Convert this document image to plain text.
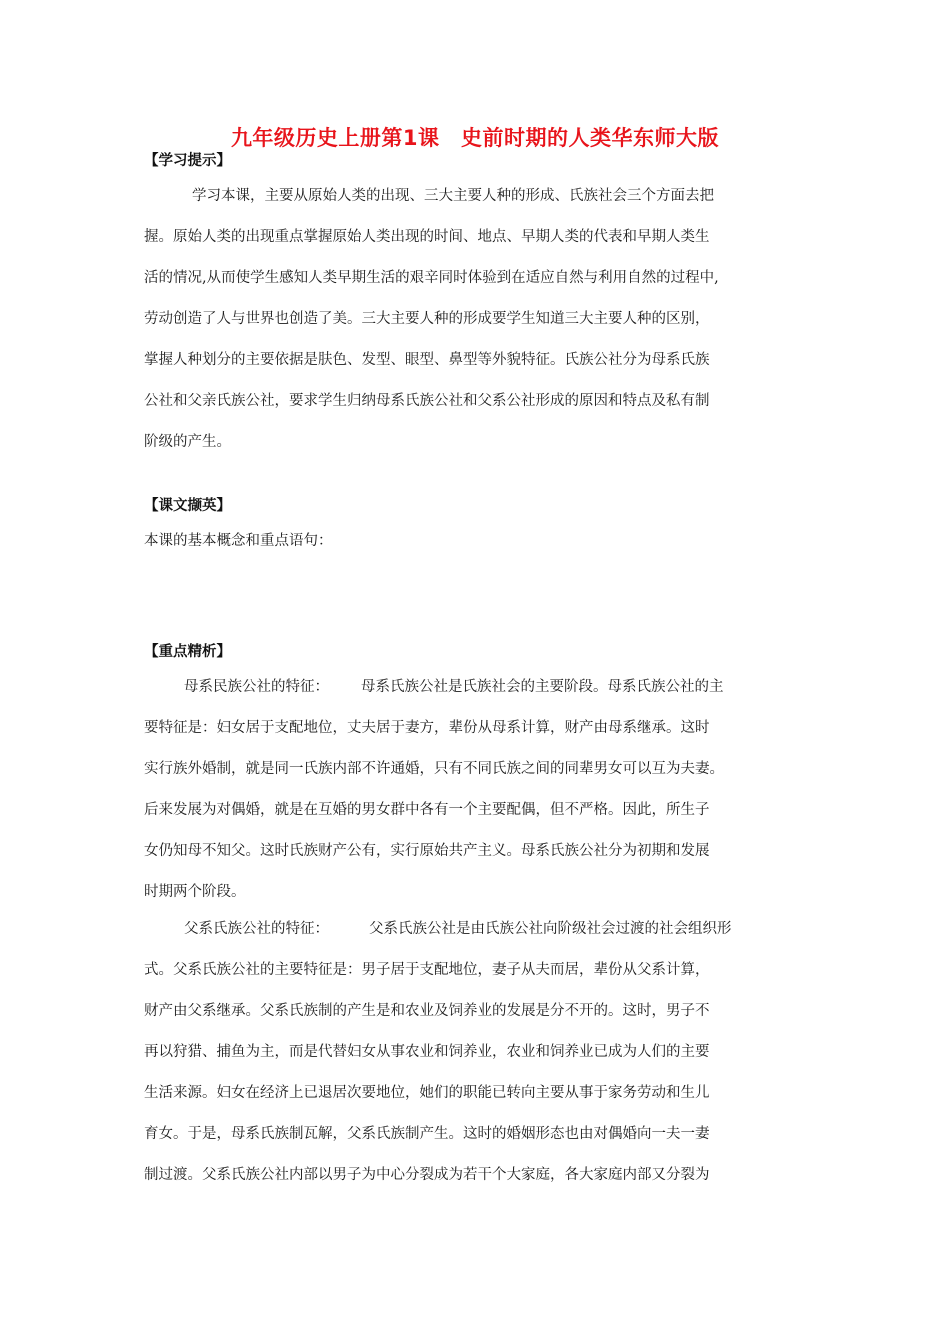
九年级历史上册第1课　史前时期的人类华东师大版
【学习提示】
学习本课，主要从原始人类的出现、三大主要人种的形成、氏族社会三个方面去把
握。原始人类的出现重点掌握原始人类出现的时间、地点、早期人类的代表和早期人类生
活的情况,从而使学生感知人类早期生活的艰辛同时体验到在适应自然与利用自然的过程中,
劳动创造了人与世界也创造了美。三大主要人种的形成要学生知道三大主要人种的区别，
掌握人种划分的主要依据是肤色、发型、眼型、鼻型等外貌特征。氏族公社分为母系氏族
公社和父亲氏族公社，要求学生归纳母系氏族公社和父系公社形成的原因和特点及私有制
阶级的产生。
【课文撷英】
本课的基本概念和重点语句：
【重点精析】
母系民族公社的特征： 母系氏族公社是氏族社会的主要阶段。母系氏族公社的主
要特征是：妇女居于支配地位，丈夫居于妻方，辈份从母系计算，财产由母系继承。这时
实行族外婚制，就是同一氏族内部不许通婚，只有不同氏族之间的同辈男女可以互为夫妻。
后来发展为对偶婚，就是在互婚的男女群中各有一个主要配偶，但不严格。因此，所生子
女仍知母不知父。这时氏族财产公有，实行原始共产主义。母系氏族公社分为初期和发展
时期两个阶段。
父系氏族公社的特征：	父系氏族公社是由氏族公社向阶级社会过渡的社会组织形
式。父系氏族公社的主要特征是：男子居于支配地位，妻子从夫而居，辈份从父系计算，
财产由父系继承。父系氏族制的产生是和农业及饲养业的发展是分不开的。这时，男子不
再以狩猎、捕鱼为主，而是代替妇女从事农业和饲养业，农业和饲养业已成为人们的主要
生活来源。妇女在经济上已退居次要地位，她们的职能已转向主要从事于家务劳动和生儿
育女。于是，母系氏族制瓦解，父系氏族制产生。这时的婚姻形态也由对偶婚向一夫一妻
制过渡。父系氏族公社内部以男子为中心分裂成为若干个大家庭，各大家庭内部又分裂为
